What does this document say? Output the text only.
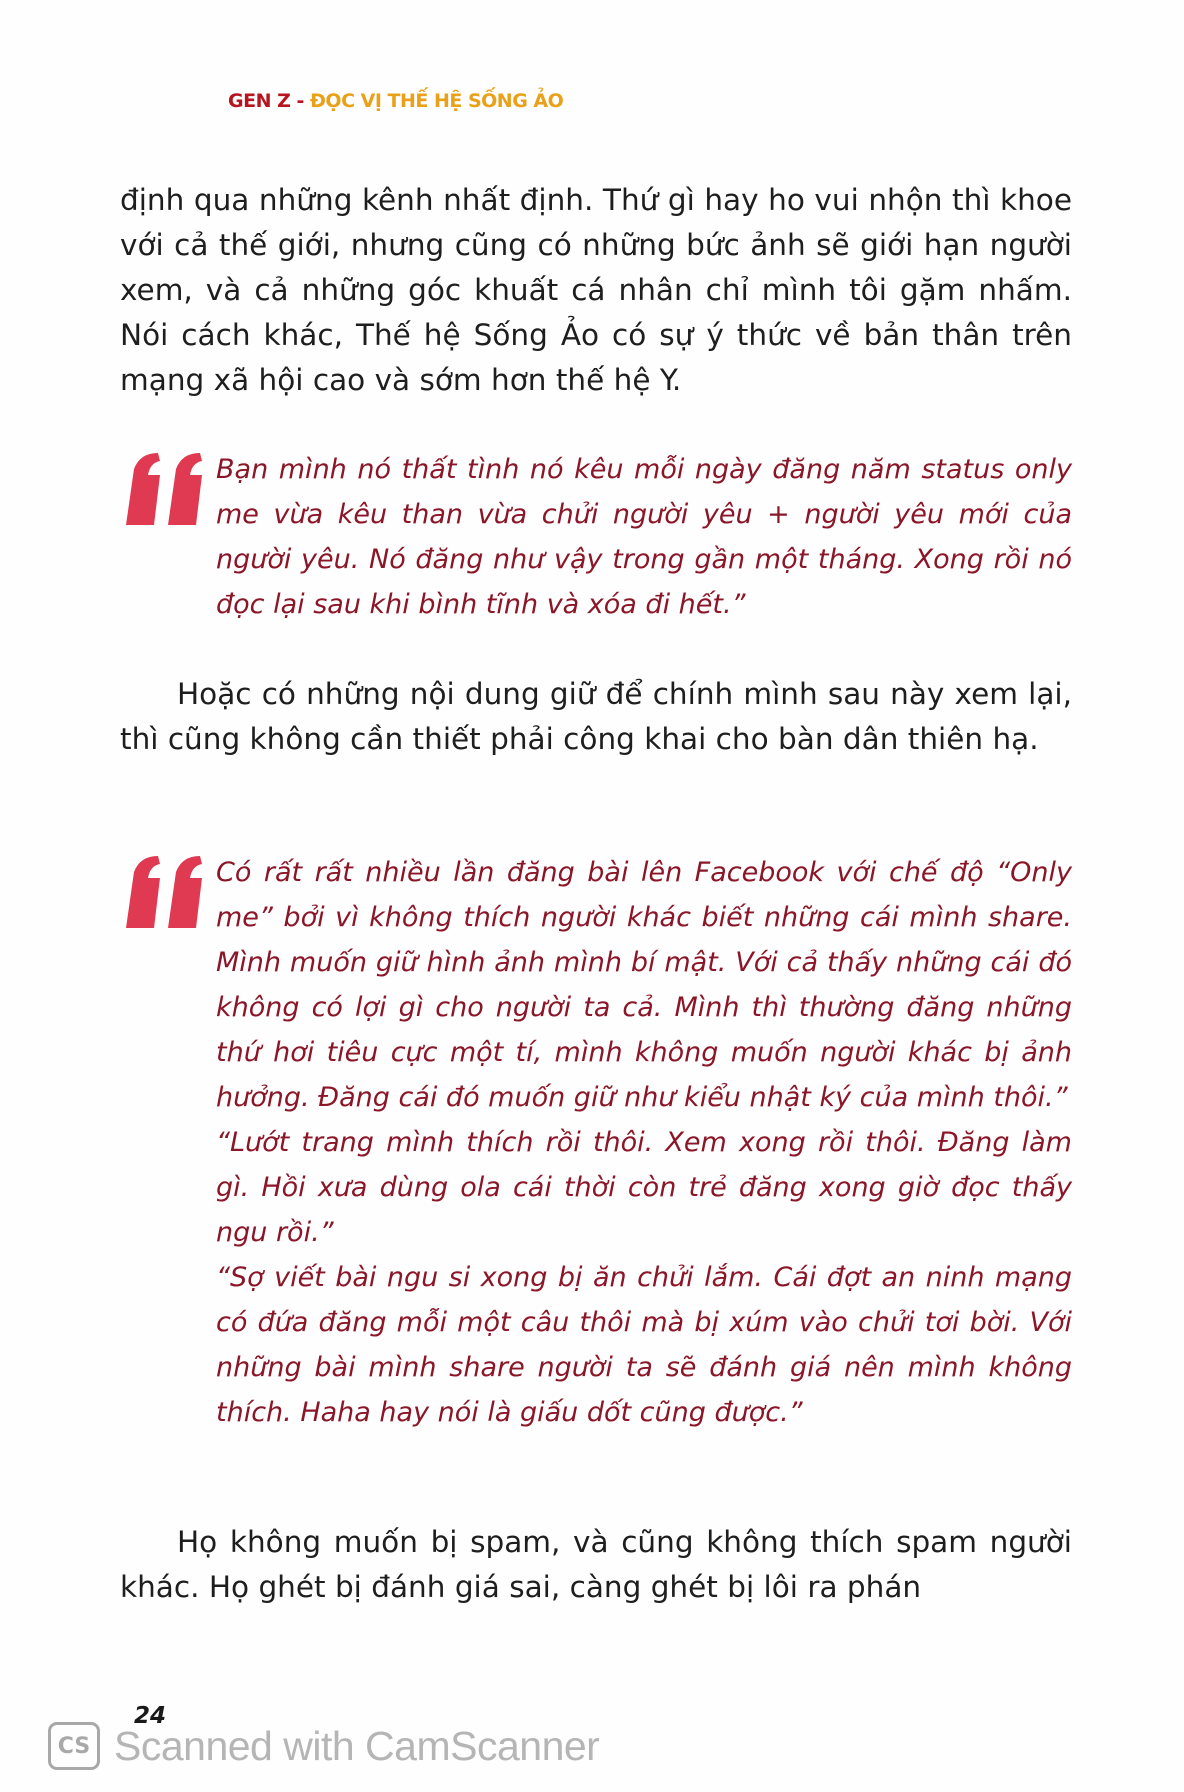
GEN Z - ĐỌC VỊ THẾ HỆ SỐNG ẢO
định qua những kênh nhất định. Thứ gì hay ho vui nhộn thì khoe với cả thế giới, nhưng cũng có những bức ảnh sẽ giới hạn người xem, và cả những góc khuất cá nhân chỉ mình tôi gặm nhấm. Nói cách khác, Thế hệ Sống Ảo có sự ý thức về bản thân trên mạng xã hội cao và sớm hơn thế hệ Y.

Bạn mình nó thất tình nó kêu mỗi ngày đăng năm status only me vừa kêu than vừa chửi người yêu + người yêu mới của người yêu. Nó đăng như vậy trong gần một tháng. Xong rồi nó đọc lại sau khi bình tĩnh và xóa đi hết.”

Hoặc có những nội dung giữ để chính mình sau này xem lại, thì cũng không cần thiết phải công khai cho bàn dân thiên hạ.

Có rất rất nhiều lần đăng bài lên Facebook với chế độ “Only me” bởi vì không thích người khác biết những cái mình share. Mình muốn giữ hình ảnh mình bí mật. Với cả thấy những cái đó không có lợi gì cho người ta cả. Mình thì thường đăng những thứ hơi tiêu cực một tí, mình không muốn người khác bị ảnh hưởng. Đăng cái đó muốn giữ như kiểu nhật ký của mình thôi.”

“Lướt trang mình thích rồi thôi. Xem xong rồi thôi. Đăng làm gì. Hồi xưa dùng ola cái thời còn trẻ đăng xong giờ đọc thấy ngu rồi.”

“Sợ viết bài ngu si xong bị ăn chửi lắm. Cái đợt an ninh mạng có đứa đăng mỗi một câu thôi mà bị xúm vào chửi tơi bời. Với những bài mình share người ta sẽ đánh giá nên mình không thích. Haha hay nói là giấu dốt cũng được.”

Họ không muốn bị spam, và cũng không thích spam người khác. Họ ghét bị đánh giá sai, càng ghét bị lôi ra phán
24
CS Scanned with CamScanner
